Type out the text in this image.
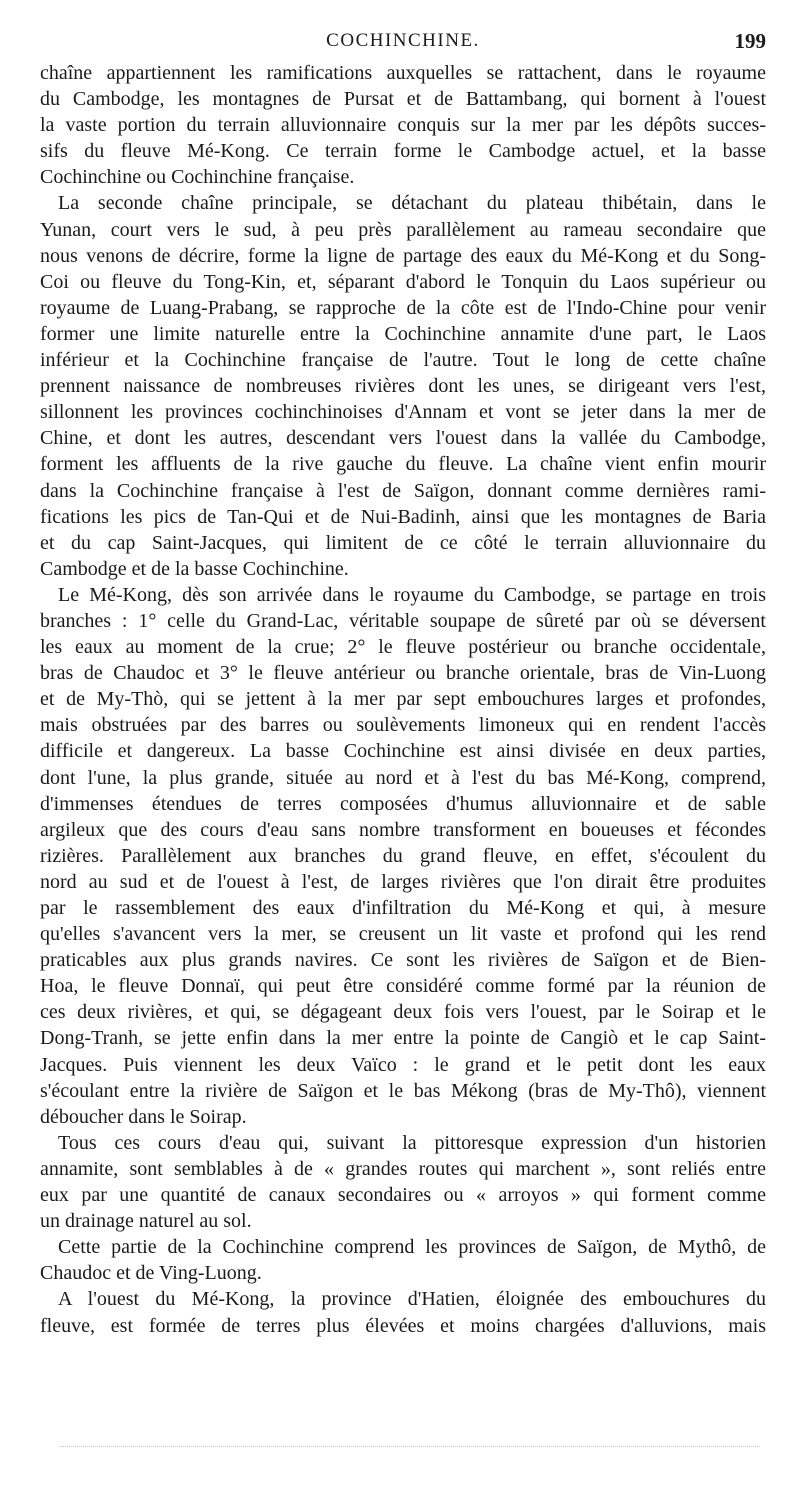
COCHINCHINE.	199
chaîne appartiennent les ramifications auxquelles se rattachent, dans le royaume
du Cambodge, les montagnes de Pursat et de Battambang, qui bornent à l'ouest
la vaste portion du terrain alluvionnaire conquis sur la mer par les dépôts succes-
sifs du fleuve Mé-Kong. Ce terrain forme le Cambodge actuel, et la basse
Cochinchine ou Cochinchine française.
La seconde chaîne principale, se détachant du plateau thibétain, dans le
Yunan, court vers le sud, à peu près parallèlement au rameau secondaire que
nous venons de décrire, forme la ligne de partage des eaux du Mé-Kong et du Song-
Coi ou fleuve du Tong-Kin, et, séparant d'abord le Tonquin du Laos supérieur ou
royaume de Luang-Prabang, se rapproche de la côte est de l'Indo-Chine pour venir
former une limite naturelle entre la Cochinchine annamite d'une part, le Laos
inférieur et la Cochinchine française de l'autre. Tout le long de cette chaîne
prennent naissance de nombreuses rivières dont les unes, se dirigeant vers l'est,
sillonnent les provinces cochinchinoises d'Annam et vont se jeter dans la mer de
Chine, et dont les autres, descendant vers l'ouest dans la vallée du Cambodge,
forment les affluents de la rive gauche du fleuve. La chaîne vient enfin mourir
dans la Cochinchine française à l'est de Saïgon, donnant comme dernières rami-
fications les pics de Tan-Qui et de Nui-Badinh, ainsi que les montagnes de Baria
et du cap Saint-Jacques, qui limitent de ce côté le terrain alluvionnaire du
Cambodge et de la basse Cochinchine.
Le Mé-Kong, dès son arrivée dans le royaume du Cambodge, se partage en trois
branches : 1° celle du Grand-Lac, véritable soupape de sûreté par où se déversent
les eaux au moment de la crue; 2° le fleuve postérieur ou branche occidentale,
bras de Chaudoc et 3° le fleuve antérieur ou branche orientale, bras de Vin-Luong
et de My-Thò, qui se jettent à la mer par sept embouchures larges et profondes,
mais obstruées par des barres ou soulèvements limoneux qui en rendent l'accès
difficile et dangereux. La basse Cochinchine est ainsi divisée en deux parties,
dont l'une, la plus grande, située au nord et à l'est du bas Mé-Kong, comprend,
d'immenses étendues de terres composées d'humus alluvionnaire et de sable
argileux que des cours d'eau sans nombre transforment en boueuses et fécondes
rizières. Parallèlement aux branches du grand fleuve, en effet, s'écoulent du
nord au sud et de l'ouest à l'est, de larges rivières que l'on dirait être produites
par le rassemblement des eaux d'infiltration du Mé-Kong et qui, à mesure
qu'elles s'avancent vers la mer, se creusent un lit vaste et profond qui les rend
praticables aux plus grands navires. Ce sont les rivières de Saïgon et de Bien-
Hoa, le fleuve Donnaï, qui peut être considéré comme formé par la réunion de
ces deux rivières, et qui, se dégageant deux fois vers l'ouest, par le Soirap et le
Dong-Tranh, se jette enfin dans la mer entre la pointe de Cangiò et le cap Saint-
Jacques. Puis viennent les deux Vaïco : le grand et le petit dont les eaux
s'écoulant entre la rivière de Saïgon et le bas Mékong (bras de My-Thô), viennent
déboucher dans le Soirap.
Tous ces cours d'eau qui, suivant la pittoresque expression d'un historien
annamite, sont semblables à de « grandes routes qui marchent », sont reliés entre
eux par une quantité de canaux secondaires ou « arroyos » qui forment comme
un drainage naturel au sol.
Cette partie de la Cochinchine comprend les provinces de Saïgon, de Mythô, de
Chaudoc et de Ving-Luong.
A l'ouest du Mé-Kong, la province d'Hatien, éloignée des embouchures du
fleuve, est formée de terres plus élevées et moins chargées d'alluvions, mais
